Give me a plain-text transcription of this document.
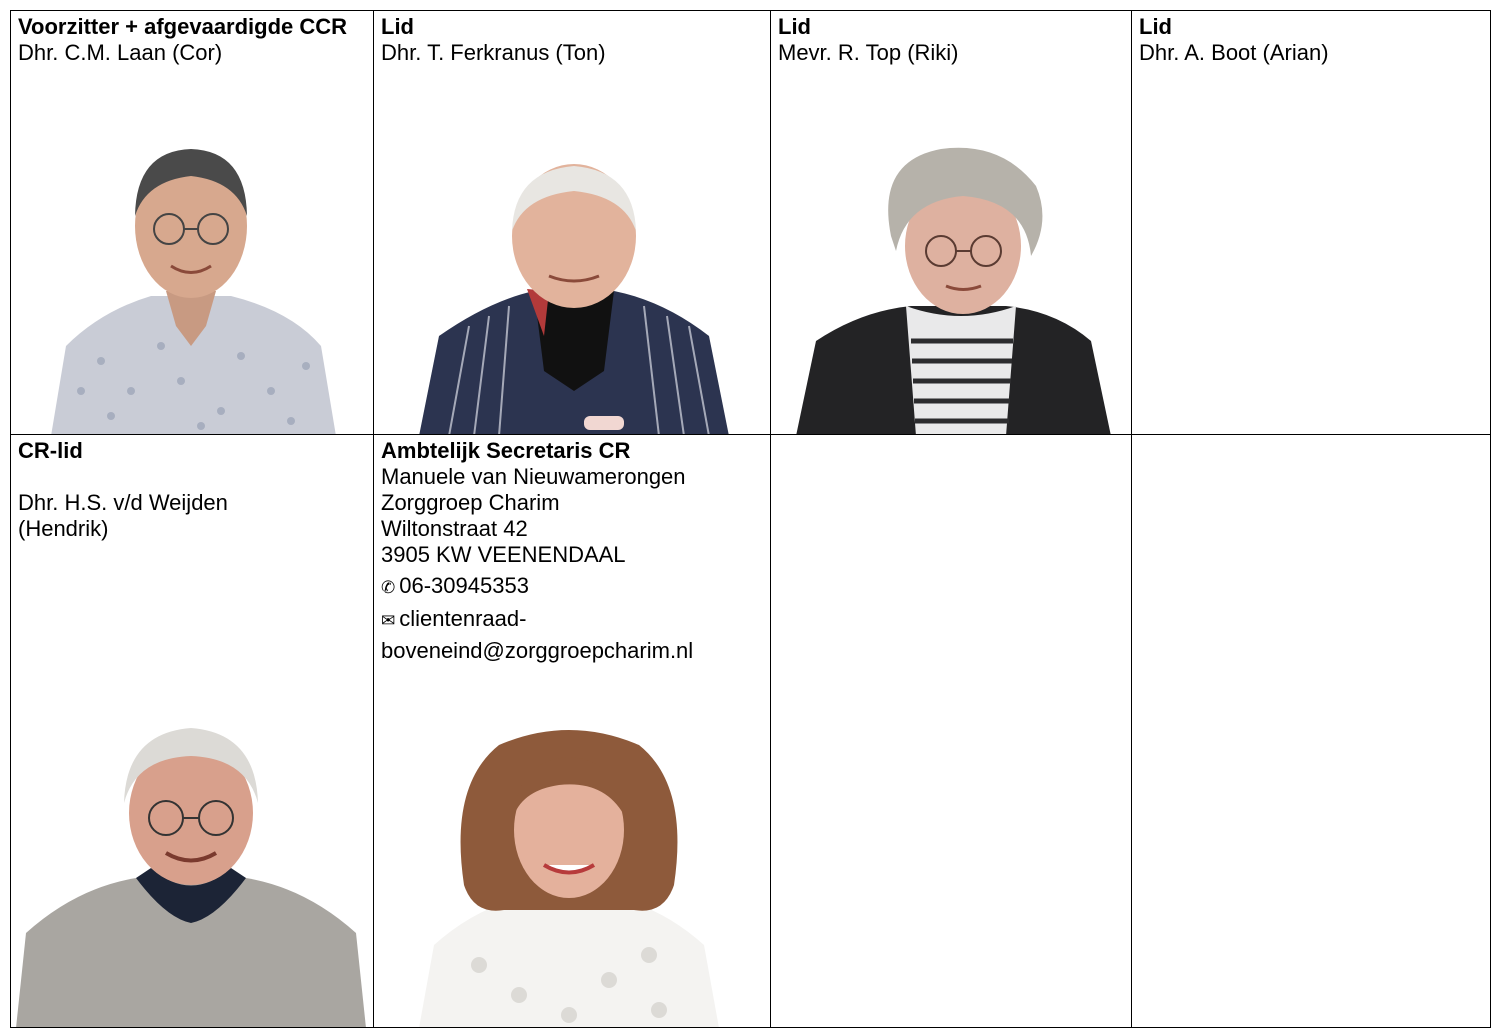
Voorzitter + afgevaardigde CCR
Dhr. C.M. Laan (Cor)
Lid
Dhr. T. Ferkranus (Ton)
Lid
Mevr. R. Top (Riki)
Lid
Dhr. A. Boot (Arian)
CR-lid
Dhr. H.S. v/d Weijden (Hendrik)
Ambtelijk Secretaris CR
Manuele van Nieuwamerongen
Zorggroep Charim
Wiltonstraat 42
3905 KW VEENENDAAL
✆ 06-30945353
✉ clientenraad-
boveneind@zorggroepcharim.nl
